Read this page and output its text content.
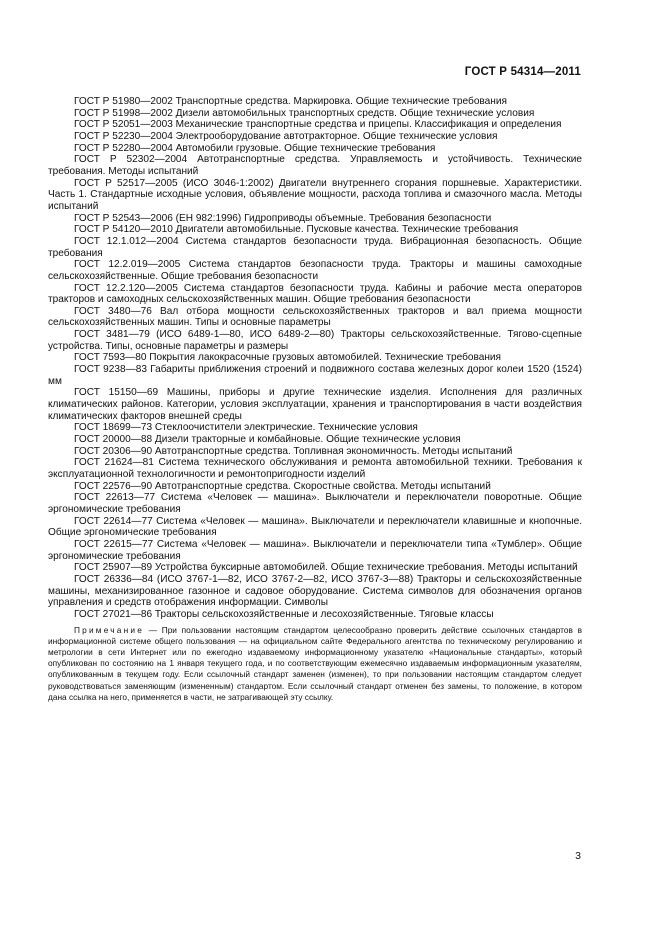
ГОСТ Р 54314—2011

ГОСТ Р 51980—2002 Транспортные средства. Маркировка. Общие технические требования

ГОСТ Р 51998—2002 Дизели автомобильных транспортных средств. Общие технические условия

ГОСТ Р 52051—2003 Механические транспортные средства и прицепы. Классификация и определения

ГОСТ Р 52230—2004 Электрооборудование автотракторное. Общие технические условия

ГОСТ Р 52280—2004 Автомобили грузовые. Общие технические требования

ГОСТ Р 52302—2004 Автотранспортные средства. Управляемость и устойчивость. Технические требования. Методы испытаний

ГОСТ Р 52517—2005 (ИСО 3046-1:2002) Двигатели внутреннего сгорания поршневые. Характеристики. Часть 1. Стандартные исходные условия, объявление мощности, расхода топлива и смазочного масла. Методы испытаний

ГОСТ Р 52543—2006 (ЕН 982:1996) Гидроприводы объемные. Требования безопасности

ГОСТ Р 54120—2010 Двигатели автомобильные. Пусковые качества. Технические требования

ГОСТ 12.1.012—2004 Система стандартов безопасности труда. Вибрационная безопасность. Общие требования

ГОСТ 12.2.019—2005 Система стандартов безопасности труда. Тракторы и машины самоходные сельскохозяйственные. Общие требования безопасности

ГОСТ 12.2.120—2005 Система стандартов безопасности труда. Кабины и рабочие места операторов тракторов и самоходных сельскохозяйственных машин. Общие требования безопасности

ГОСТ 3480—76 Вал отбора мощности сельскохозяйственных тракторов и вал приема мощности сельскохозяйственных машин. Типы и основные параметры

ГОСТ 3481—79 (ИСО 6489-1—80, ИСО 6489-2—80) Тракторы сельскохозяйственные. Тягово-сцепные устройства. Типы, основные параметры и размеры

ГОСТ 7593—80 Покрытия лакокрасочные грузовых автомобилей. Технические требования

ГОСТ 9238—83 Габариты приближения строений и подвижного состава железных дорог колеи 1520 (1524) мм

ГОСТ 15150—69 Машины, приборы и другие технические изделия. Исполнения для различных климатических районов. Категории, условия эксплуатации, хранения и транспортирования в части воздействия климатических факторов внешней среды

ГОСТ 18699—73 Стеклоочистители электрические. Технические условия

ГОСТ 20000—88 Дизели тракторные и комбайновые. Общие технические условия

ГОСТ 20306—90 Автотранспортные средства. Топливная экономичность. Методы испытаний

ГОСТ 21624—81 Система технического обслуживания и ремонта автомобильной техники. Требования к эксплуатационной технологичности и ремонтопригодности изделий

ГОСТ 22576—90 Автотранспортные средства. Скоростные свойства. Методы испытаний

ГОСТ 22613—77 Система «Человек — машина». Выключатели и переключатели поворотные. Общие эргономические требования

ГОСТ 22614—77 Система «Человек — машина». Выключатели и переключатели клавишные и кнопочные. Общие эргономические требования

ГОСТ 22615—77 Система «Человек — машина». Выключатели и переключатели типа «Тумблер». Общие эргономические требования

ГОСТ 25907—89 Устройства буксирные автомобилей. Общие технические требования. Методы испытаний

ГОСТ 26336—84 (ИСО 3767-1—82, ИСО 3767-2—82, ИСО 3767-3—88) Тракторы и сельскохозяйственные машины, механизированное газонное и садовое оборудование. Система символов для обозначения органов управления и средств отображения информации. Символы

ГОСТ 27021—86 Тракторы сельскохозяйственные и лесохозяйственные. Тяговые классы

Примечание — При пользовании настоящим стандартом целесообразно проверить действие ссылочных стандартов в информационной системе общего пользования — на официальном сайте Федерального агентства по техническому регулированию и метрологии в сети Интернет или по ежегодно издаваемому информационному указателю «Национальные стандарты», который опубликован по состоянию на 1 января текущего года, и по соответствующим ежемесячно издаваемым информационным указателям, опубликованным в текущем году. Если ссылочный стандарт заменен (изменен), то при пользовании настоящим стандартом следует руководствоваться заменяющим (измененным) стандартом. Если ссылочный стандарт отменен без замены, то положение, в котором дана ссылка на него, применяется в части, не затрагивающей эту ссылку.

3
